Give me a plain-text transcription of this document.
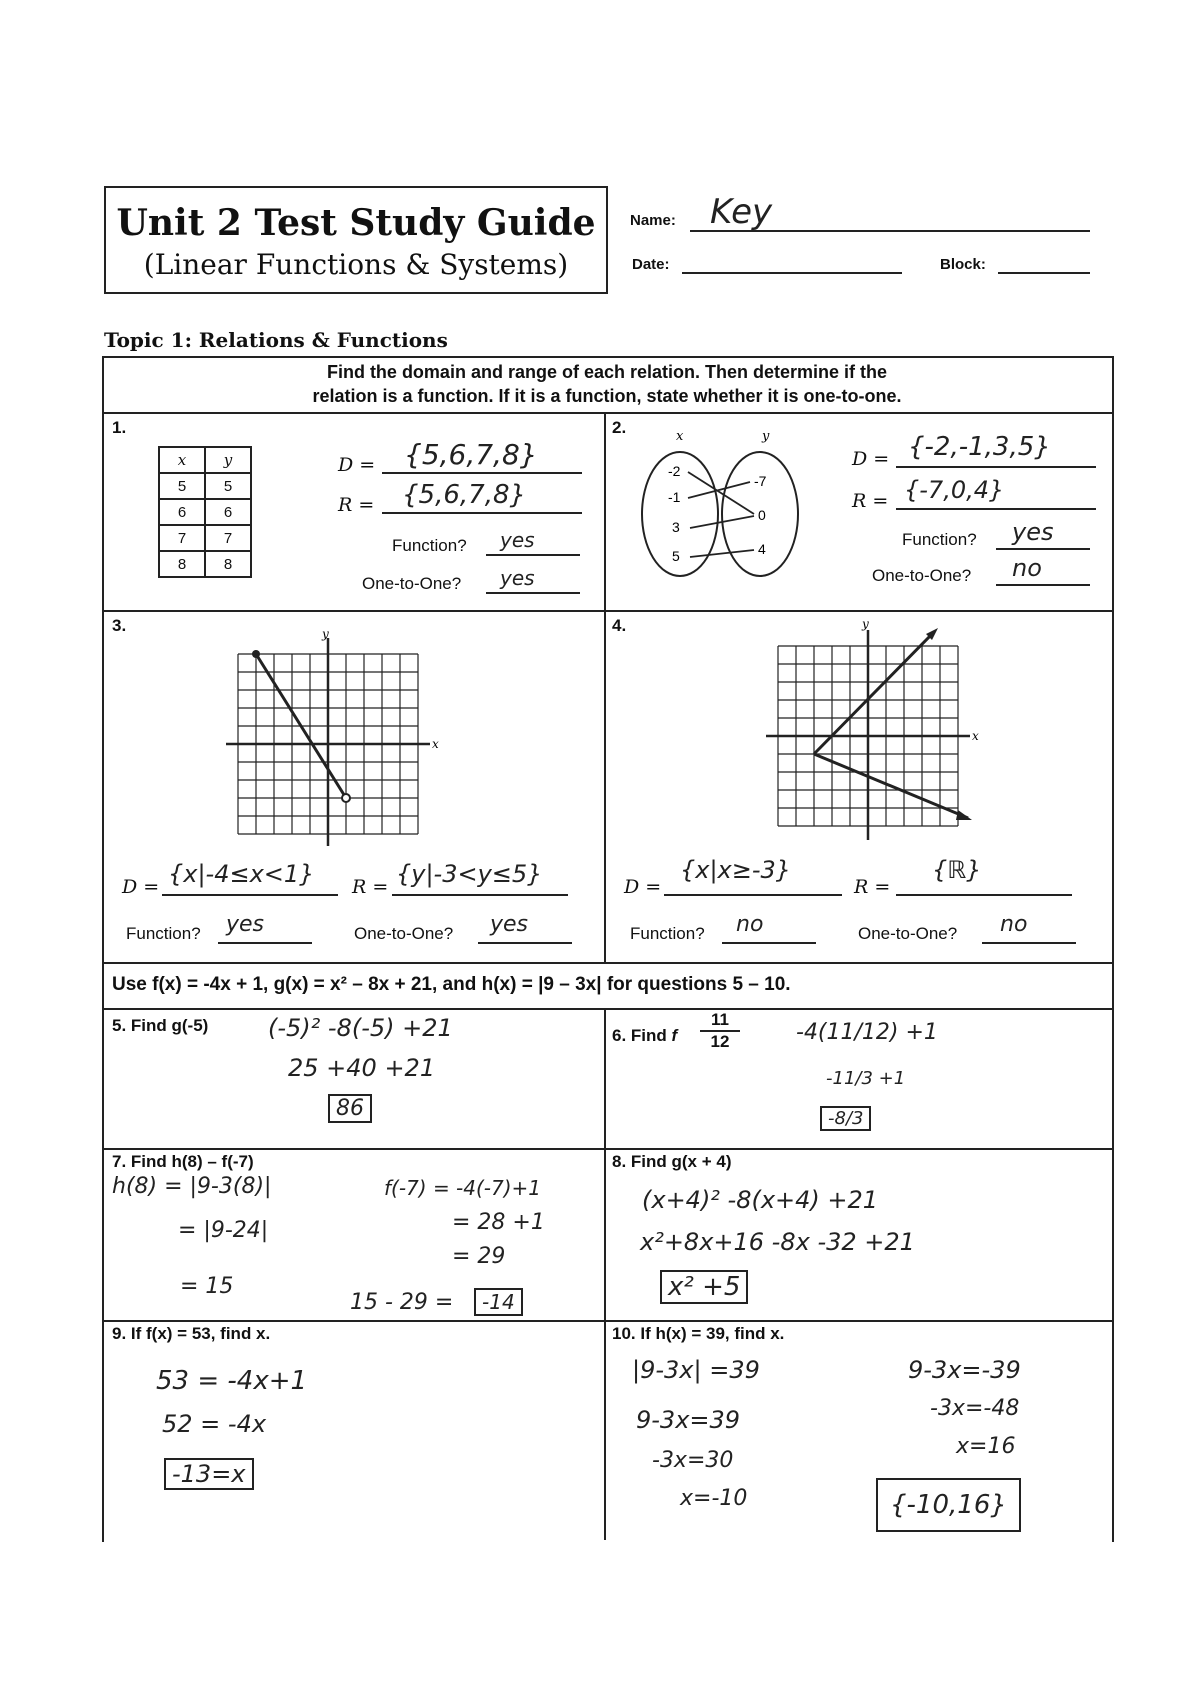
Unit 2 Test Study Guide
(Linear Functions & Systems)
Name: Key
Date:	Block:
Topic 1: Relations & Functions
Find the domain and range of each relation. Then determine if the
relation is a function. If it is a function, state whether it is one-to-one.
1.
x	y
5	5
6	6
7	7
8	8
D = {5,6,7,8}
R = {5,6,7,8}
Function? yes
One-to-One? yes
2.	x	y
-2
-1
3
5
-7
0
4
D = {-2,-1,3,5}
R = {-7,0,4}
Function? yes
One-to-One? no
3.
x
y
D = {x|-4≤x<1} R = {y|-3<y≤5}
Function? yes	One-to-One? yes
4.
x
y
D =
{x|x≥-3}
R =
{ℝ}
Function? no	One-to-One? no
Use f(x) = -4x + 1, g(x) = x² – 8x + 21, and h(x) = |9 – 3x| for questions 5 – 10.
5. Find g(-5) (-5)² -8(-5) +21
25 +40 +21
86
6. Find f
11
12	-4(11/12) +1
-11/3 +1
-8/3
7. Find h(8) – f(-7)
h(8) = |9-3(8)|
= |9-24|
= 15
f(-7) = -4(-7)+1
= 28 +1
= 29
15 - 29 =	-14
8. Find g(x + 4)
(x+4)² -8(x+4) +21
x²+8x+16 -8x -32 +21
x² +5
9. If f(x) = 53, find x.
53 = -4x+1
52 = -4x
-13=x
10. If h(x) = 39, find x.
|9-3x| =39
9-3x=39
-3x=30
x=-10
9-3x=-39
-3x=-48
x=16
{-10,16}
